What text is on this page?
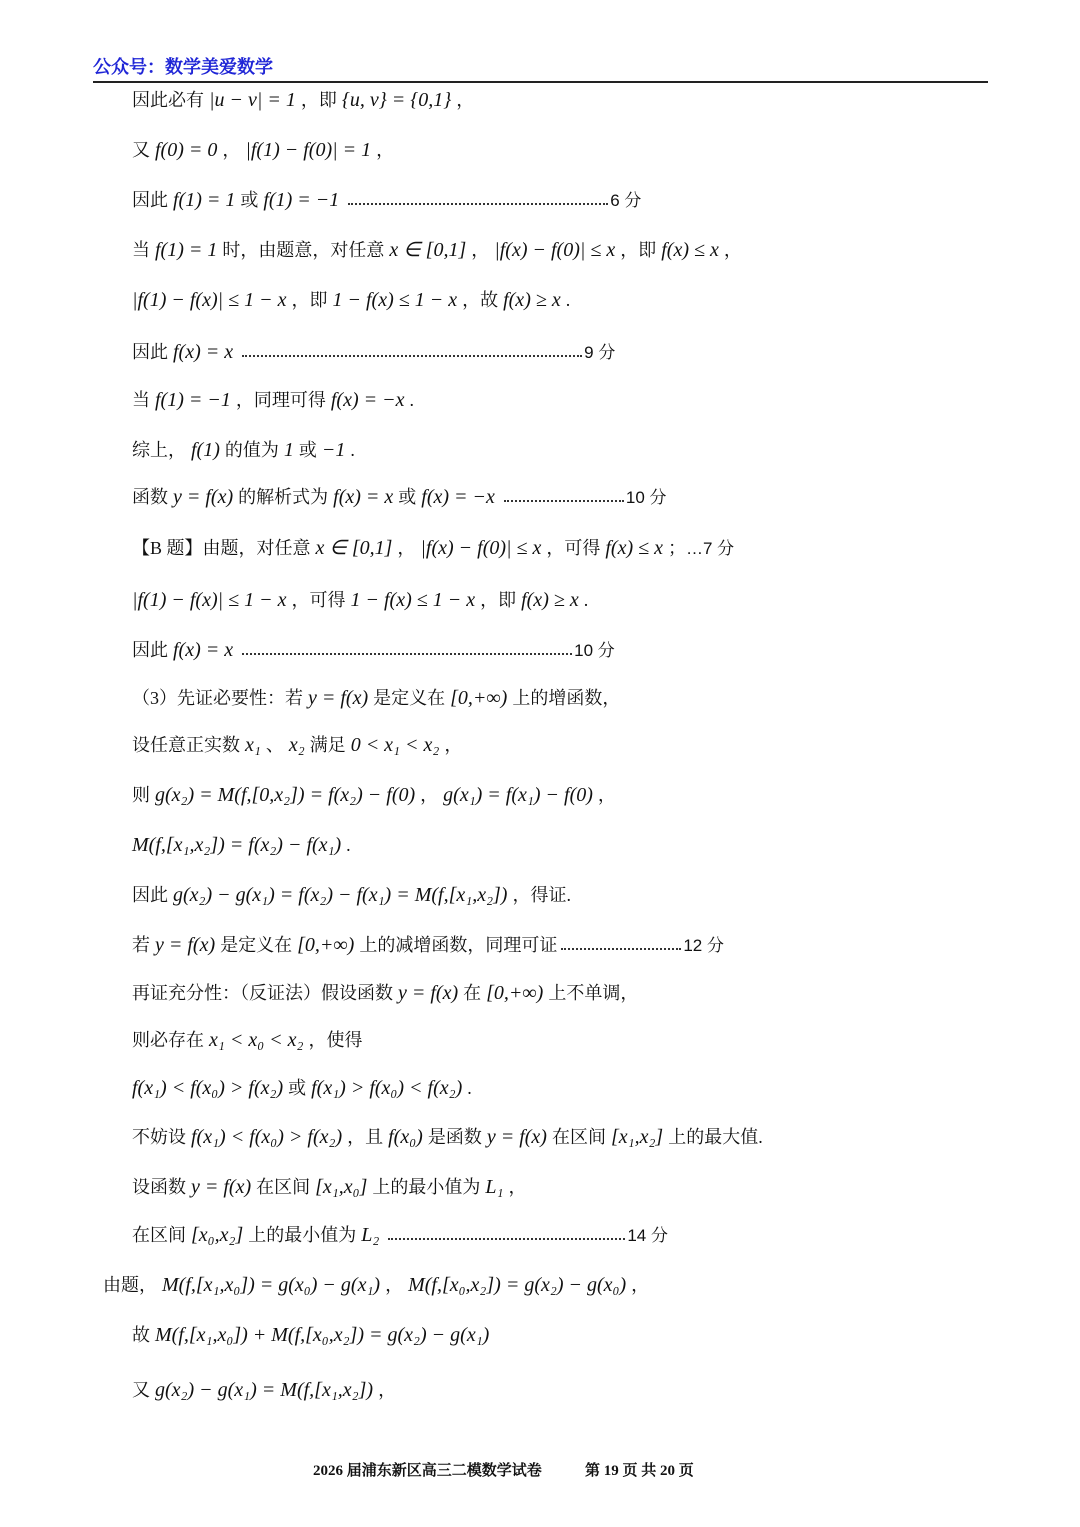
公众号：数学美爱数学
因此必有 |u − v| = 1 ，即 {u, v} = {0,1} ，
又 f(0) = 0 ， |f(1) − f(0)| = 1 ，
因此 f(1) = 1 或 f(1) = −1	6 分
当 f(1) = 1 时，由题意，对任意 x ∈ [0,1] ， |f(x) − f(0)| ≤ x ，即 f(x) ≤ x ，
|f(1) − f(x)| ≤ 1 − x ，即 1 − f(x) ≤ 1 − x ，故 f(x) ≥ x .
因此 f(x) = x	9 分
当 f(1) = −1 ，同理可得 f(x) = −x .
综上， f(1) 的值为 1 或 −1 .
函数 y = f(x) 的解析式为 f(x) = x 或 f(x) = −x	10 分
【B 题】由题，对任意 x ∈ [0,1] ， |f(x) − f(0)| ≤ x ，可得 f(x) ≤ x ；…7 分
|f(1) − f(x)| ≤ 1 − x ，可得 1 − f(x) ≤ 1 − x ，即 f(x) ≥ x .
因此 f(x) = x	10 分
（3）先证必要性：若 y = f(x) 是定义在 [0,+∞) 上的增函数，
设任意正实数 x₁ 、 x₂ 满足 0 < x₁ < x₂ ，
则 g(x₂) = M(f,[0,x₂]) = f(x₂) − f(0) ， g(x₁) = f(x₁) − f(0) ，
M(f,[x₁,x₂]) = f(x₂) − f(x₁) .
因此 g(x₂) − g(x₁) = f(x₂) − f(x₁) = M(f,[x₁,x₂]) ，得证.
若 y = f(x) 是定义在 [0,+∞) 上的减增函数，同理可证	12 分
再证充分性：（反证法）假设函数 y = f(x) 在 [0,+∞) 上不单调，
则必存在 x₁ < x₀ < x₂ ，使得
f(x₁) < f(x₀) > f(x₂) 或 f(x₁) > f(x₀) < f(x₂) .
不妨设 f(x₁) < f(x₀) > f(x₂) ，且 f(x₀) 是函数 y = f(x) 在区间 [x₁,x₂] 上的最大值.
设函数 y = f(x) 在区间 [x₁,x₀] 上的最小值为 L₁ ，
在区间 [x₀,x₂] 上的最小值为 L₂	14 分
由题， M(f,[x₁,x₀]) = g(x₀) − g(x₁) ， M(f,[x₀,x₂]) = g(x₂) − g(x₀) ，
故 M(f,[x₁,x₀]) + M(f,[x₀,x₂]) = g(x₂) − g(x₁)
又 g(x₂) − g(x₁) = M(f,[x₁,x₂]) ，
2026 届浦东新区高三二模数学试卷	第 19 页 共 20 页
